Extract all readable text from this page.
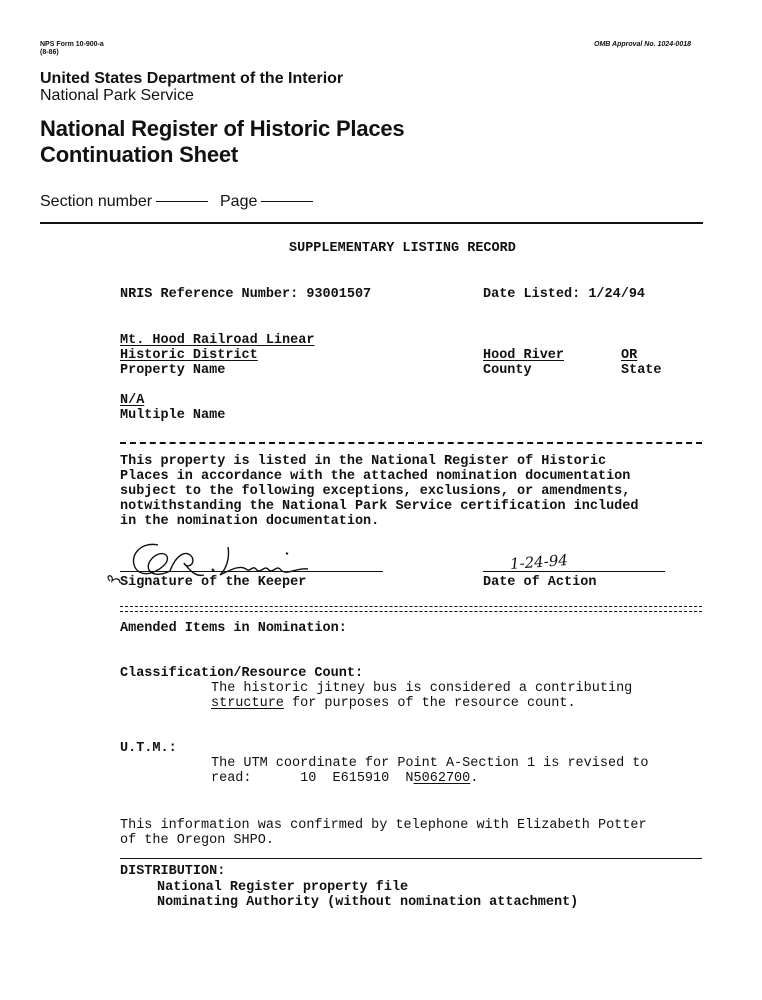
NPS Form 10-900-a
(8-86)
OMB Approval No. 1024-0018
United States Department of the Interior
National Park Service
National Register of Historic Places
Continuation Sheet
Section number	Page
SUPPLEMENTARY LISTING RECORD
NRIS Reference Number: 93001507	Date Listed: 1/24/94
Mt. Hood Railroad Linear
Historic District
Property Name
Hood River
County
OR
State
N/A
Multiple Name
This property is listed in the National Register of Historic
Places in accordance with the attached nomination documentation
subject to the following exceptions, exclusions, or amendments,
notwithstanding the National Park Service certification included
in the nomination documentation.
Signature of the Keeper
1-24-94
Date of Action
Amended Items in Nomination:
Classification/Resource Count:
The historic jitney bus is considered a contributing
structure for purposes of the resource count.
U.T.M.:
The UTM coordinate for Point A-Section 1 is revised to
read:      10  E615910  N5062700.
This information was confirmed by telephone with Elizabeth Potter
of the Oregon SHPO.
DISTRIBUTION:
National Register property file
Nominating Authority (without nomination attachment)
